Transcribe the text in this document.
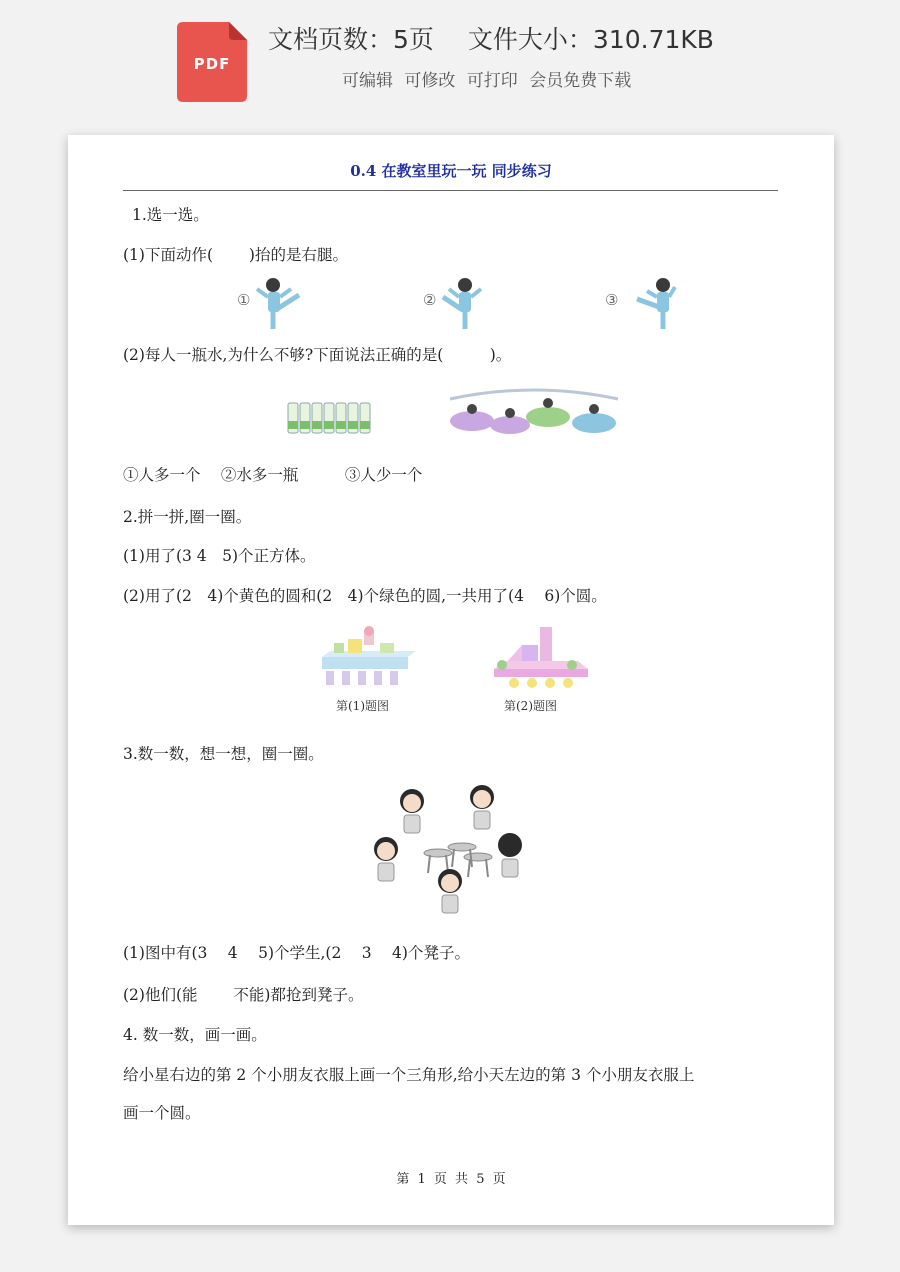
PDF
文档页数：5页 文件大小：310.71KB
可编辑 可修改 可打印 会员免费下载
0.4 在教室里玩一玩 同步练习
1.选一选。
(1)下面动作(　　 )抬的是右腿。
①	②	③
(2)每人一瓶水,为什么不够?下面说法正确的是(　　　)。
①人多一个　 ②水多一瓶　　　③人少一个
2.拼一拼,圈一圈。
(1)用了(3 4　5)个正方体。
(2)用了(2　4)个黄色的圆和(2　4)个绿色的圆,一共用了(4　 6)个圆。
第(1)题图	第(2)题图
3.数一数，想一想，圈一圈。
(1)图中有(3　 4　 5)个学生,(2　 3　 4)个凳子。
(2)他们(能　　 不能)都抢到凳子。
4. 数一数，画一画。
给小星右边的第 2 个小朋友衣服上画一个三角形,给小天左边的第 3 个小朋友衣服上
画一个圆。
第 1 页 共 5 页
